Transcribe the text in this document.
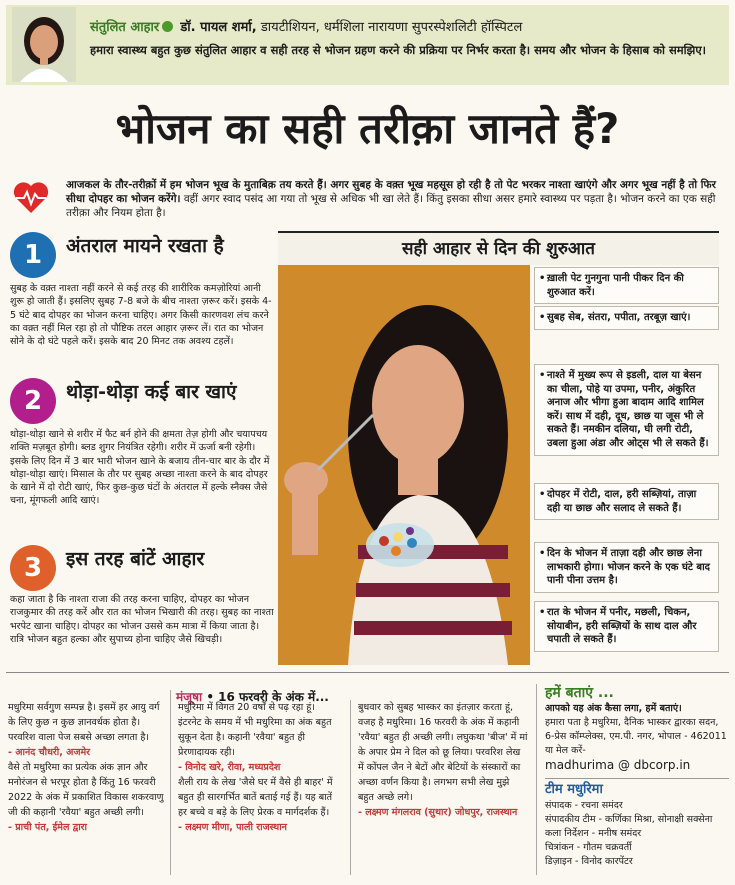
संतुलित आहार डॉ. पायल शर्मा, डायटीशियन, धर्मशिला नारायणा सुपरस्पेशलिटी हॉस्पिटल
हमारा स्वास्थ्य बहुत कुछ संतुलित आहार व सही तरह से भोजन ग्रहण करने की प्रक्रिया पर निर्भर करता है। समय और भोजन के हिसाब को समझिए।
भोजन का सही तरीक़ा जानते हैं?
आजकल के तौर-तरीक़ों में हम भोजन भूख के मुताबिक़ तय करते हैं। अगर सुबह के वक़्त भूख महसूस हो रही है तो पेट भरकर नाश्ता खाएंगे और अगर भूख नहीं है तो फिर सीधा दोपहर का भोजन करेंगे। वहीं अगर स्वाद पसंद आ गया तो भूख से अधिक भी खा लेते हैं। किंतु इसका सीधा असर हमारे स्वास्थ्य पर पड़ता है। भोजन करने का एक सही तरीक़ा और नियम होता है।
1	अंतराल मायने रखता है
सुबह के वक़्त नाश्ता नहीं करने से कई तरह की शारीरिक कमज़ोरियां आनी शुरू हो जाती हैं। इसलिए सुबह 7-8 बजे के बीच नाश्ता ज़रूर करें। इसके 4-5 घंटे बाद दोपहर का भोजन करना चाहिए। अगर किसी कारणवश लंच करने का वक़्त नहीं मिल रहा हो तो पौष्टिक तरल आहार ज़रूर लें। रात का भोजन सोने के दो घंटे पहले करें। इसके बाद 20 मिनट तक अवश्य टहलें।
2	थोड़ा-थोड़ा कई बार खाएं
थोड़ा-थोड़ा खाने से शरीर में फैट बर्न होने की क्षमता तेज़ होगी और चयापचय शक्ति मज़बूत होगी। ब्लड शुगर नियंत्रित रहेगी। शरीर में ऊर्जा बनी रहेगी। इसके लिए दिन में 3 बार भारी भोजन खाने के बजाय तीन-चार बार के दौर में थोड़ा-थोड़ा खाएं। मिसाल के तौर पर सुबह अच्छा नाश्ता करने के बाद दोपहर के खाने में दो रोटी खाएं, फिर कुछ-कुछ घंटों के अंतराल में हल्के स्नैक्स जैसे चना, मूंगफली आदि खाएं।
3	इस तरह बांटें आहार
कहा जाता है कि नाश्ता राजा की तरह करना चाहिए, दोपहर का भोजन राजकुमार की तरह करें और रात का भोजन भिखारी की तरह। सुबह का नाश्ता भरपेट खाना चाहिए। दोपहर का भोजन उससे कम मात्रा में किया जाता है। रात्रि भोजन बहुत हल्का और सुपाच्य होना चाहिए जैसे खिचड़ी।
सही आहार से दिन की शुरुआत
• ख़ाली पेट गुनगुना पानी पीकर दिन की शुरुआत करें।
• सुबह सेब, संतरा, पपीता, तरबूज़ खाएं।
• नाश्ते में मुख्य रूप से इडली, दाल या बेसन का चीला, पोहे या उपमा, पनीर, अंकुरित अनाज और भीगा हुआ बादाम आदि शामिल करें। साथ में दही, दूध, छाछ या जूस भी ले सकते हैं। नमकीन दलिया, घी लगी रोटी, उबला हुआ अंडा और ओट्स भी ले सकते हैं।
• दोपहर में रोटी, दाल, हरी सब्ज़ियां, ताज़ा दही या छाछ और सलाद ले सकते हैं।
• दिन के भोजन में ताज़ा दही और छाछ लेना लाभकारी होगा। भोजन करने के एक घंटे बाद पानी पीना उत्तम है।
• रात के भोजन में पनीर, मछली, चिकन, सोयाबीन, हरी सब्ज़ियों के साथ दाल और चपाती ले सकते हैं।
मंजूषा • 16 फरवरी के अंक में...
मधुरिमा सर्वगुण सम्पन्न है। इसमें हर आयु वर्ग के लिए कुछ न कुछ ज्ञानवर्धक होता है। परवरिश वाला पेज सबसे अच्छा लगता है।
- आनंद चौधरी, अजमेर
वैसे तो मधुरिमा का प्रत्येक अंक ज्ञान और मनोरंजन से भरपूर होता है किंतु 16 फरवरी 2022 के अंक में प्रकाशित विकास शकरवाणु जी की कहानी 'रवैया' बहुत अच्छी लगी।
- प्राची पंत, ईमेल द्वारा
मधुरिमा में विगत 20 वर्षों से पढ़ रहा हूं। इंटरनेट के समय में भी मधुरिमा का अंक बहुत सुकून देता है। कहानी 'रवैया' बहुत ही प्रेरणादायक रही।
- विनोद खरे, रीवा, मध्यप्रदेश
शैली राय के लेख 'जैसे घर में वैसे ही बाहर' में बहुत ही सारगर्भित बातें बताई गई हैं। यह बातें हर बच्चे व बड़े के लिए प्रेरक व मार्गदर्शक हैं।
- लक्ष्मण मीणा, पाली राजस्थान
बुधवार को सुबह भास्कर का इंतज़ार करता हूं, वजह है मधुरिमा। 16 फरवरी के अंक में कहानी 'रवैया' बहुत ही अच्छी लगी। लघुकथा 'बीज' में मां के अपार प्रेम ने दिल को छू लिया। परवरिश लेख में कोंपल जैन ने बेटों और बेटियों के संस्कारों का अच्छा वर्णन किया है। लगभग सभी लेख मुझे बहुत अच्छे लगे।
- लक्ष्मण मंगलराव (सुथार) जोधपुर, राजस्थान
हमें बताएं ...
आपको यह अंक कैसा लगा, हमें बताएं।
हमारा पता है मधुरिमा, दैनिक भास्कर द्वारका सदन, 6-प्रेस कॉम्प्लेक्स, एम.पी. नगर, भोपाल - 462011 या मेल करें-
madhurima @ dbcorp.in
टीम मधुरिमा
संपादक - रचना समंदर
संपादकीय टीम - कर्णिका मिश्रा, सोनाक्षी सक्सेना
कला निर्देशन - मनीष समंदर
चित्रांकन - गौतम चक्रवर्ती
डिज़ाइन - विनोद कारपेंटर
